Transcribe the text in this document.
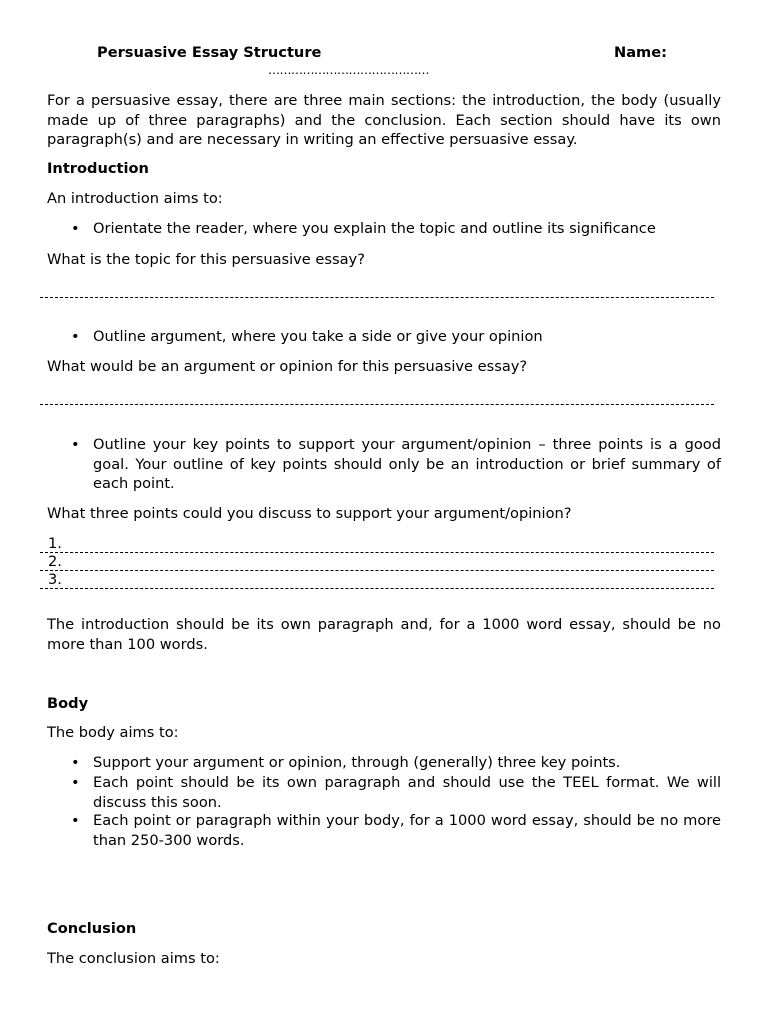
Persuasive Essay Structure	Name:
……………………………………

For a persuasive essay, there are three main sections: the introduction, the body (usually made up of three paragraphs) and the conclusion. Each section should have its own paragraph(s) and are necessary in writing an effective persuasive essay.

Introduction
An introduction aims to:
• Orientate the reader, where you explain the topic and outline its significance
What is the topic for this persuasive essay?
• Outline argument, where you take a side or give your opinion
What would be an argument or opinion for this persuasive essay?
• Outline your key points to support your argument/opinion – three points is a good goal. Your outline of key points should only be an introduction or brief summary of each point.
What three points could you discuss to support your argument/opinion?
1.
2.
3.

The introduction should be its own paragraph and, for a 1000 word essay, should be no more than 100 words.

Body
The body aims to:
• Support your argument or opinion, through (generally) three key points.
• Each point should be its own paragraph and should use the TEEL format. We will discuss this soon.
• Each point or paragraph within your body, for a 1000 word essay, should be no more than 250-300 words.
Conclusion
The conclusion aims to:
